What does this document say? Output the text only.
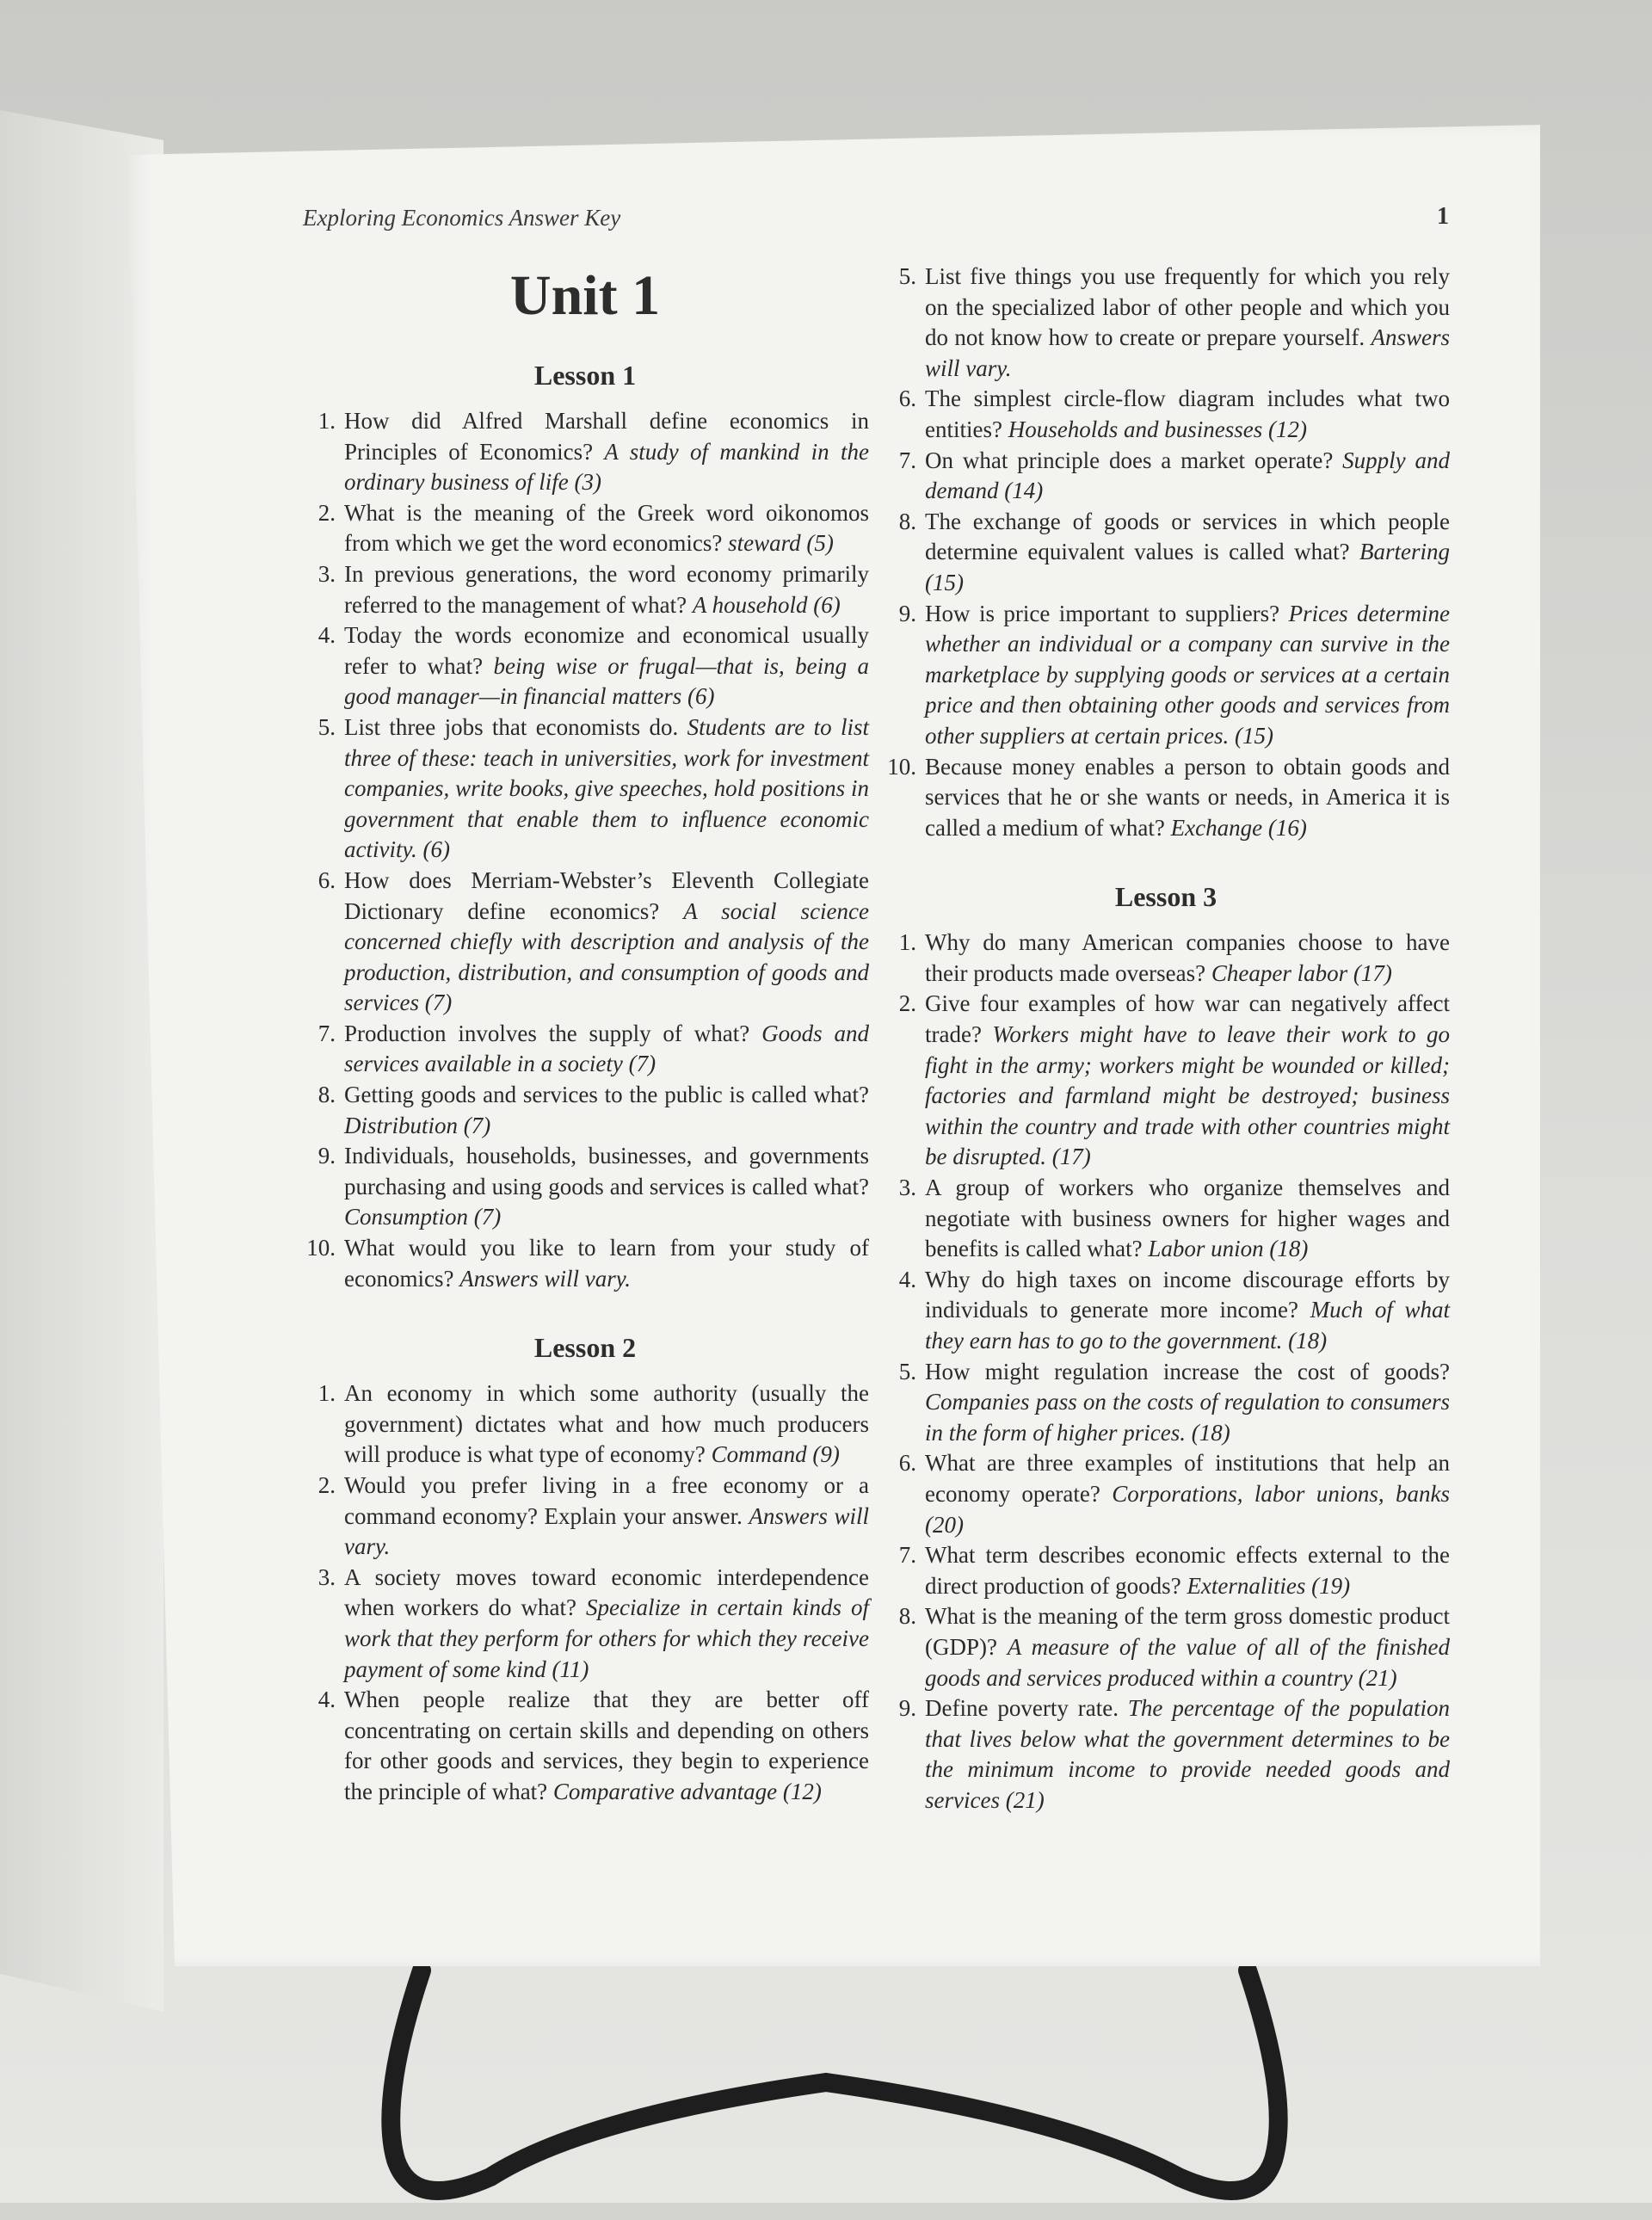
Exploring Economics Answer Key	1
Unit 1
Lesson 1
1. How did Alfred Marshall define economics in Principles of Economics? A study of mankind in the ordinary business of life (3)
2. What is the meaning of the Greek word oikonomos from which we get the word economics? steward (5)
3. In previous generations, the word economy primarily referred to the management of what? A household (6)
4. Today the words economize and economical usually refer to what? being wise or frugal—that is, being a good manager—in financial matters (6)
5. List three jobs that economists do. Students are to list three of these: teach in universities, work for investment companies, write books, give speeches, hold positions in government that enable them to influence economic activity. (6)
6. How does Merriam-Webster’s Eleventh Collegiate Dictionary define economics? A social science concerned chiefly with description and analysis of the production, distribution, and consumption of goods and services (7)
7. Production involves the supply of what? Goods and services available in a society (7)
8. Getting goods and services to the public is called what? Distribution (7)
9. Individuals, households, businesses, and governments purchasing and using goods and services is called what? Consumption (7)
10. What would you like to learn from your study of economics? Answers will vary.
Lesson 2
1. An economy in which some authority (usually the government) dictates what and how much producers will produce is what type of economy? Command (9)
2. Would you prefer living in a free economy or a command economy? Explain your answer. Answers will vary.
3. A society moves toward economic interdependence when workers do what? Specialize in certain kinds of work that they perform for others for which they receive payment of some kind (11)
4. When people realize that they are better off concentrating on certain skills and depending on others for other goods and services, they begin to experience the principle of what? Comparative advantage (12)
5. List five things you use frequently for which you rely on the specialized labor of other people and which you do not know how to create or prepare yourself. Answers will vary.
6. The simplest circle-flow diagram includes what two entities? Households and businesses (12)
7. On what principle does a market operate? Supply and demand (14)
8. The exchange of goods or services in which people determine equivalent values is called what? Bartering (15)
9. How is price important to suppliers? Prices determine whether an individual or a company can survive in the marketplace by supplying goods or services at a certain price and then obtaining other goods and services from other suppliers at certain prices. (15)
10. Because money enables a person to obtain goods and services that he or she wants or needs, in America it is called a medium of what? Exchange (16)
Lesson 3
1. Why do many American companies choose to have their products made overseas? Cheaper labor (17)
2. Give four examples of how war can negatively affect trade? Workers might have to leave their work to go fight in the army; workers might be wounded or killed; factories and farmland might be destroyed; business within the country and trade with other countries might be disrupted. (17)
3. A group of workers who organize themselves and negotiate with business owners for higher wages and benefits is called what? Labor union (18)
4. Why do high taxes on income discourage efforts by individuals to generate more income? Much of what they earn has to go to the government. (18)
5. How might regulation increase the cost of goods? Companies pass on the costs of regulation to consumers in the form of higher prices. (18)
6. What are three examples of institutions that help an economy operate? Corporations, labor unions, banks (20)
7. What term describes economic effects external to the direct production of goods? Externalities (19)
8. What is the meaning of the term gross domestic product (GDP)? A measure of the value of all of the finished goods and services produced within a country (21)
9. Define poverty rate. The percentage of the population that lives below what the government determines to be the minimum income to provide needed goods and services (21)
